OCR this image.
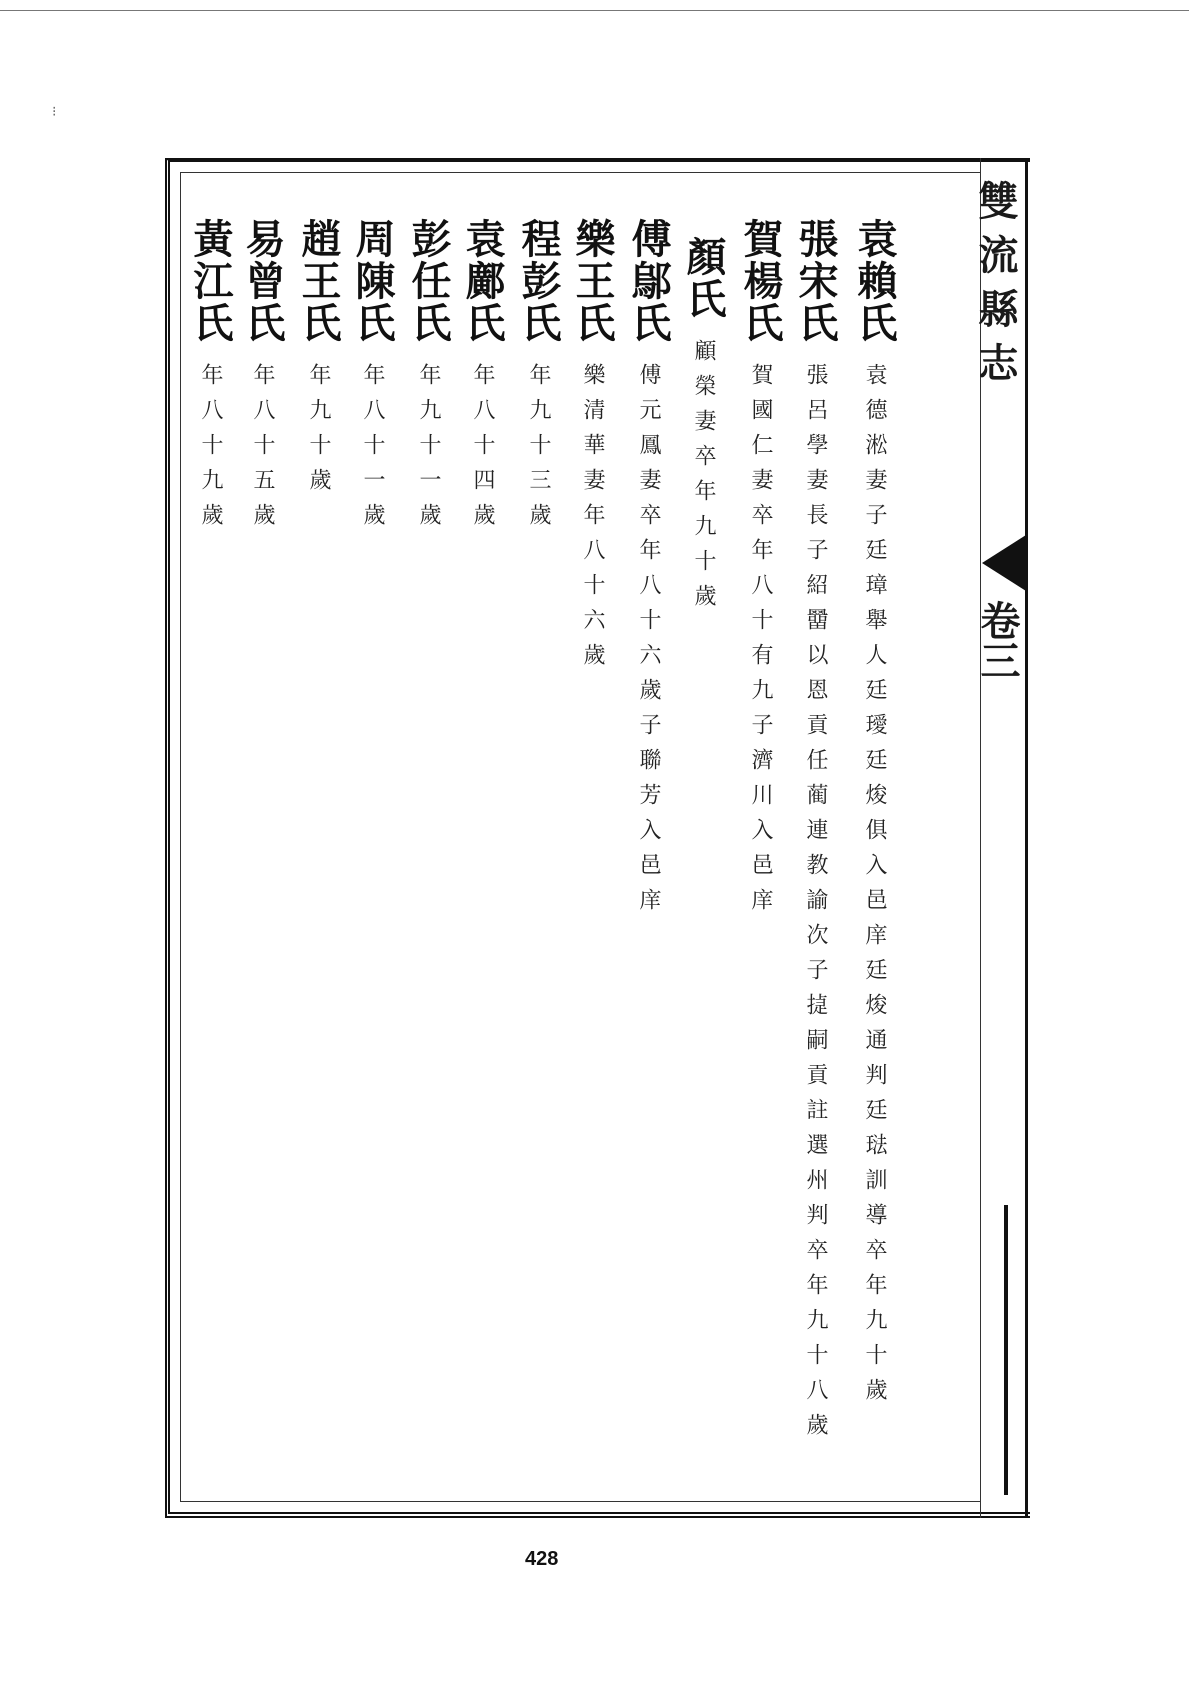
⁝
雙流縣志
卷三
袁賴氏 袁德淞妻子廷璋舉人廷璦廷焌俱入邑庠廷焌通判廷琺訓導卒年九十歲
張宋氏 張呂學妻長子紹羀以恩貢任蔺連教諭次子㨗嗣貢註選州判卒年九十八歲
賀楊氏 賀國仁妻卒年八十有九子濟川入邑庠
顏氏 顧榮妻卒年九十歲
傅鄔氏 傅元鳳妻卒年八十六歲子聯芳入邑庠
樂王氏 樂清華妻年八十六歲
程彭氏 年九十三歲
袁鄺氏 年八十四歲
彭任氏 年九十一歲
周陳氏 年八十一歲
趙王氏 年九十歲
易曾氏 年八十五歲
黃江氏 年八十九歲
428
